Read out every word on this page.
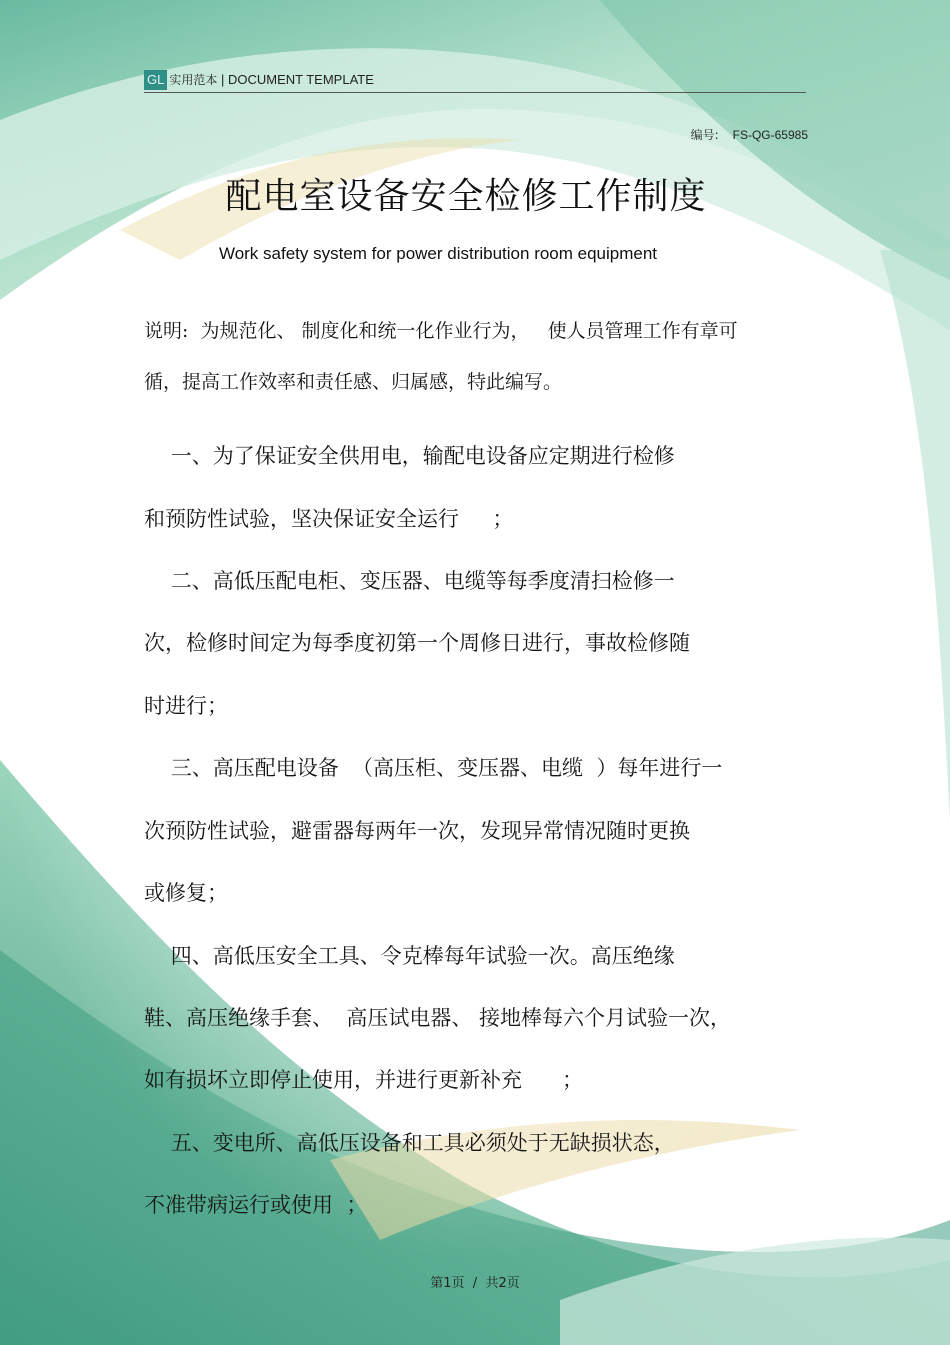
GL 实用范本 | DOCUMENT TEMPLATE
编号: FS-QG-65985
配电室设备安全检修工作制度
Work safety system for power distribution room equipment
说明:  为规范化、 制度化和统一化作业行为，   使人员管理工作有章可
循，提高工作效率和责任感、归属感，特此编写。
一、为了保证安全供用电，输配电设备应定期进行检修
和预防性试验，坚决保证安全运行     ；
二、高低压配电柜、变压器、电缆等每季度清扫检修一
次，检修时间定为每季度初第一个周修日进行，事故检修随
时进行；
三、高压配电设备  （高压柜、变压器、电缆  ）每年进行一
次预防性试验，避雷器每两年一次，发现异常情况随时更换
或修复；
四、高低压安全工具、令克棒每年试验一次。高压绝缘
鞋、高压绝缘手套、  高压试电器、 接地棒每六个月试验一次，
如有损坏立即停止使用，并进行更新补充      ；
五、变电所、高低压设备和工具必须处于无缺损状态，
不准带病运行或使用  ；
第1页  /  共2页
